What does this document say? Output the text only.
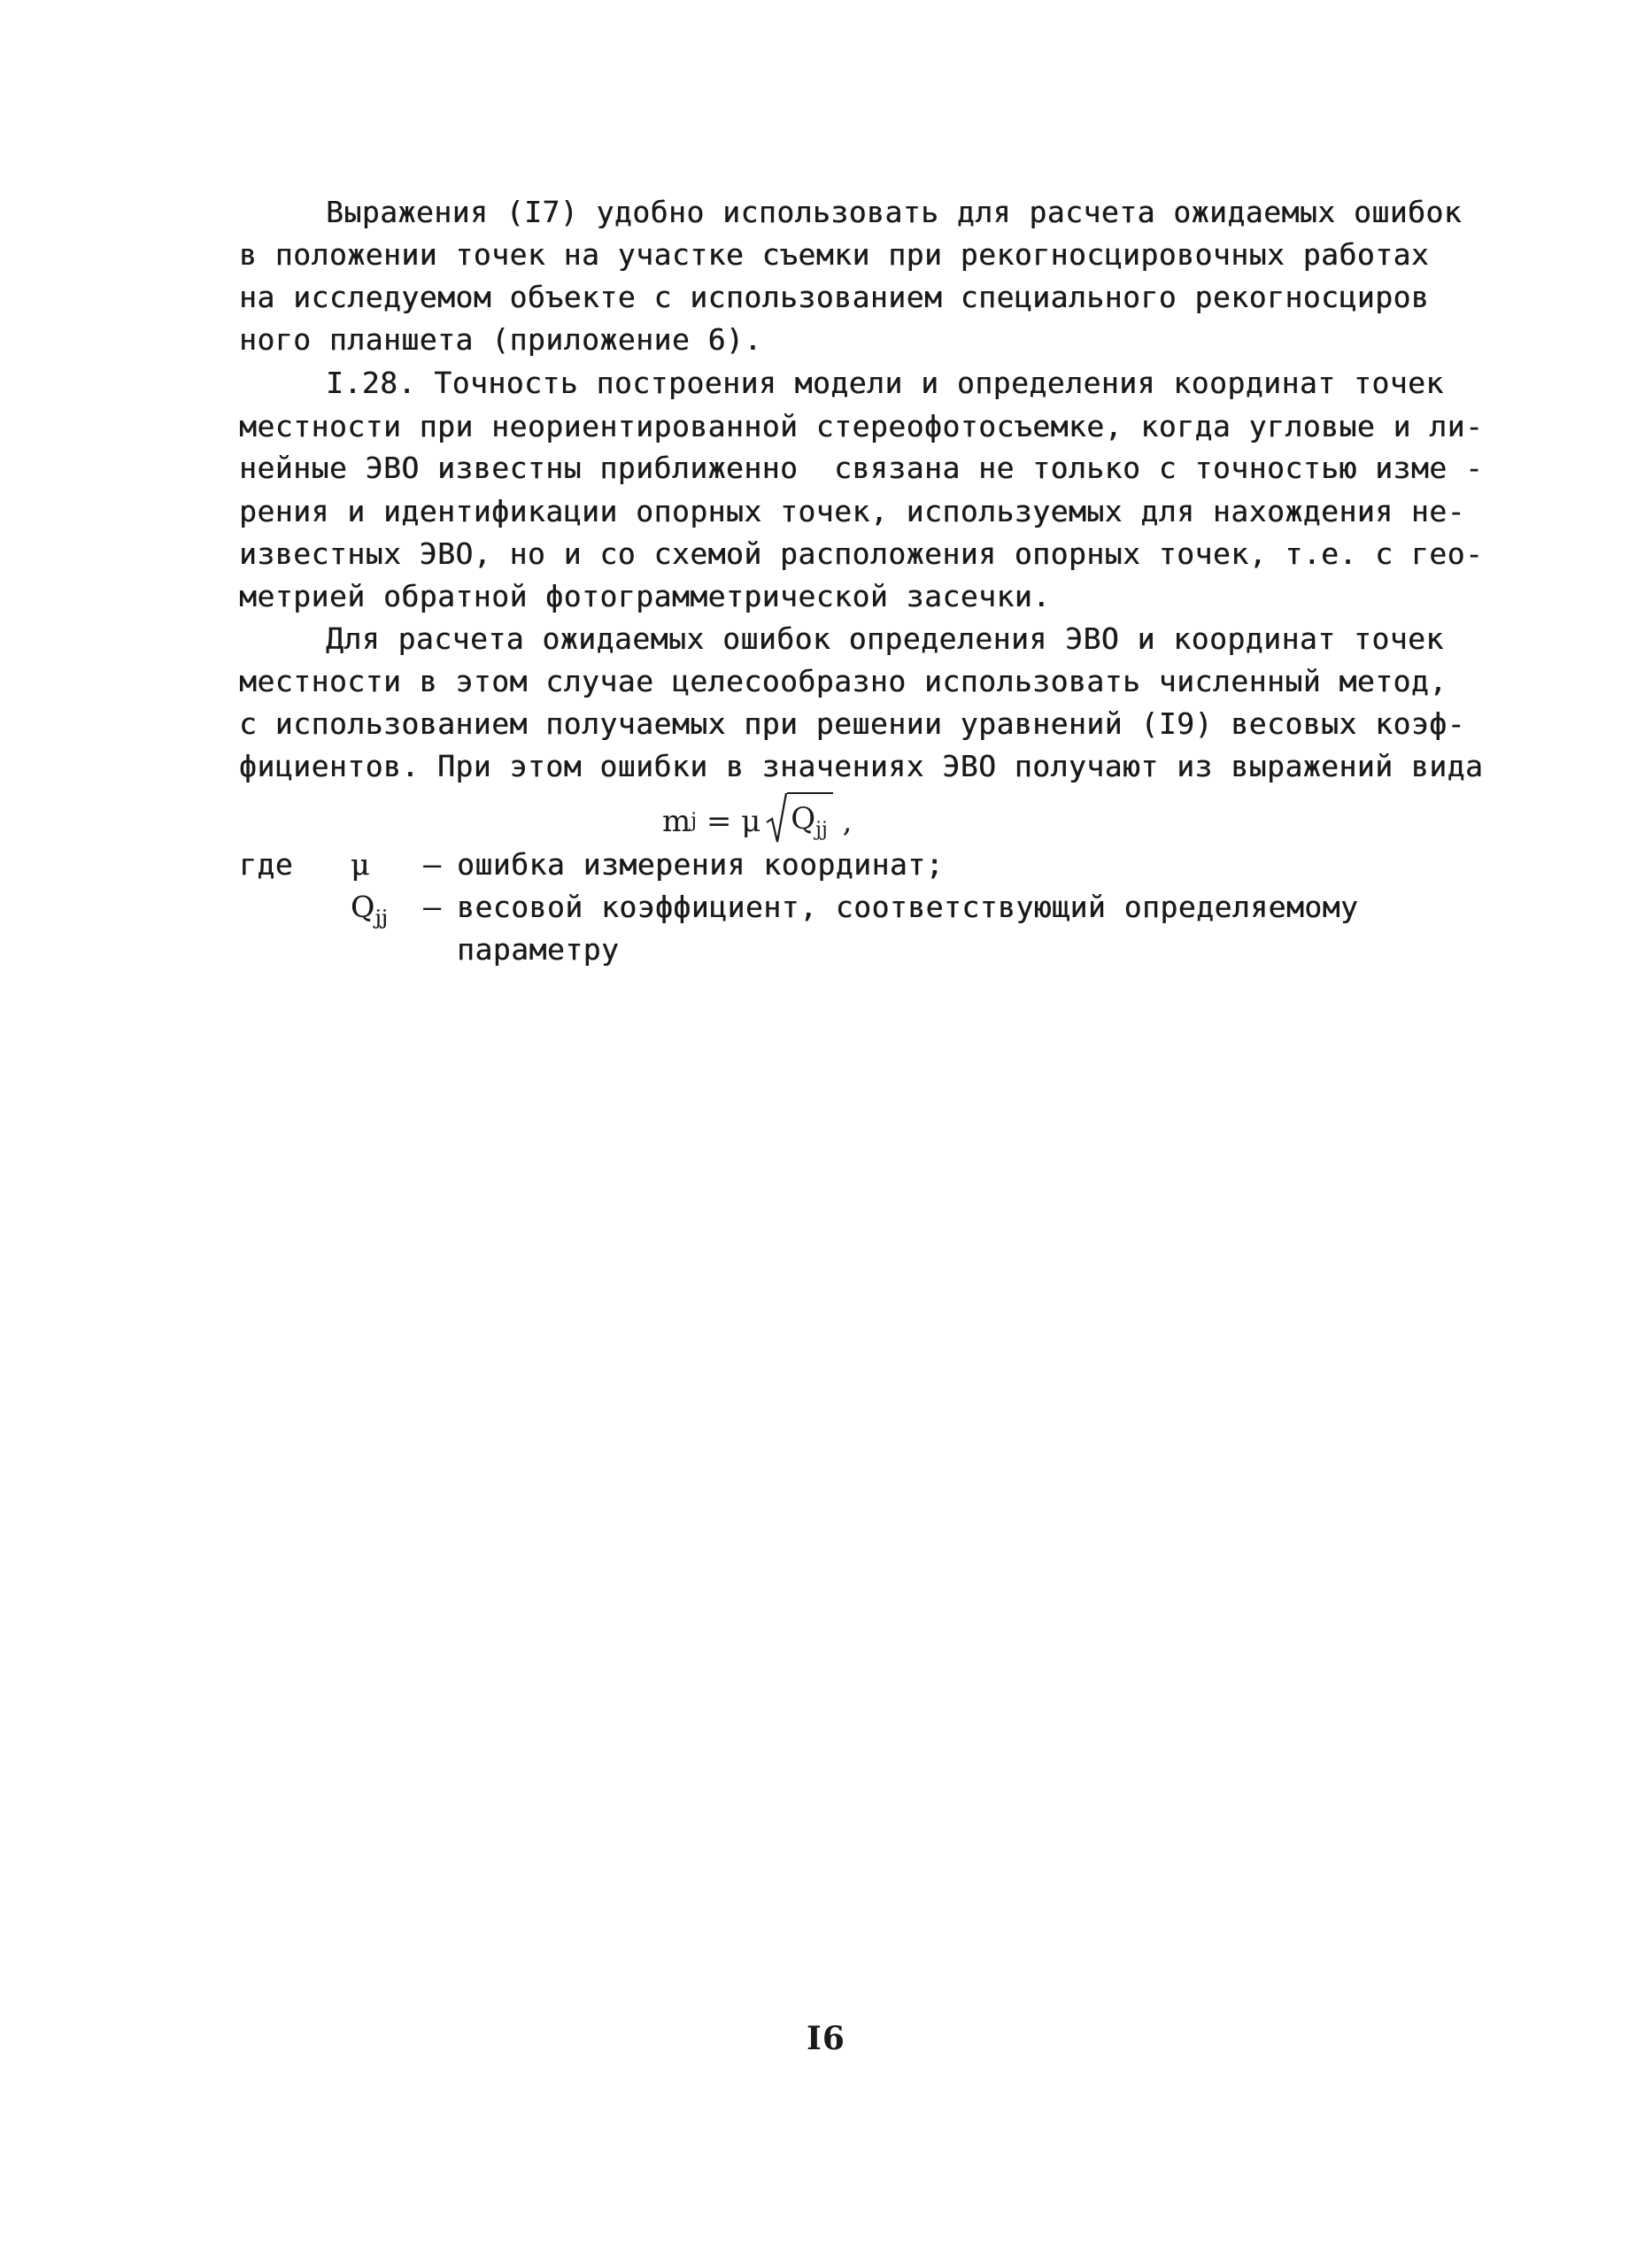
Выражения (I7) удобно использовать для расчета ожидаемых ошибок
в положении точек на участке съемки при рекогносцировочных работах
на исследуемом объекте с использованием специального рекогносциров
ного планшета (приложение 6).
I.28. Точность построения модели и определения координат точек
местности при неориентированной стереофотосъемке, когда угловые и ли-
нейные ЭВО известны приближенно  связана не только с точностью изме -
рения и идентификации опорных точек, используемых для нахождения не-
известных ЭВО, но и со схемой расположения опорных точек, т.е. с гео-
метрией обратной фотограмметрической засечки.
Для расчета ожидаемых ошибок определения ЭВО и координат точек
местности в этом случае целесообразно использовать численный метод,
с использованием получаемых при решении уравнений (I9) весовых коэф-
фициентов. При этом ошибки в значениях ЭВО получают из выражений вида
m j = μ $Q_{jj}$ ,
где μ – ошибка измерения координат;
$Q_{jj}$ – весовой коэффициент, соответствующий определяемому
параметру
I6
